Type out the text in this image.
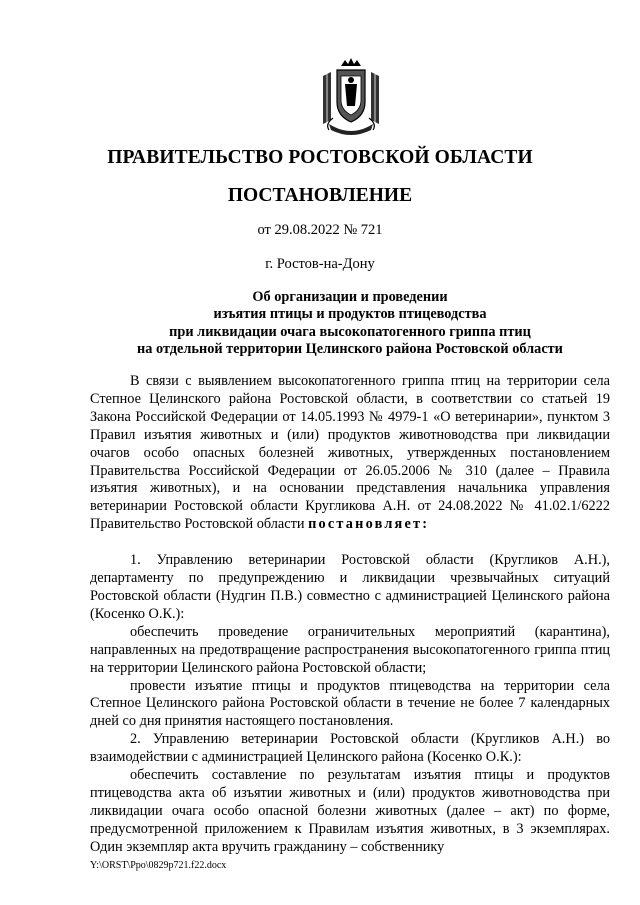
ПРАВИТЕЛЬСТВО РОСТОВСКОЙ ОБЛАСТИ
ПОСТАНОВЛЕНИЕ
от 29.08.2022 № 721
г. Ростов-на-Дону
Об организации и проведении
изъятия птицы и продуктов птицеводства
при ликвидации очага высокопатогенного гриппа птиц
на отдельной территории Целинского района Ростовской области

В связи с выявлением высокопатогенного гриппа птиц на территории села Степное Целинского района Ростовской области, в соответствии со статьей 19 Закона Российской Федерации от 14.05.1993 № 4979-1 «О ветеринарии», пунктом 3 Правил изъятия животных и (или) продуктов животноводства при ликвидации очагов особо опасных болезней животных, утвержденных постановлением Правительства Российской Федерации от 26.05.2006 № 310 (далее – Правила изъятия животных), и на основании представления начальника управления ветеринарии Ростовской области Кругликова А.Н. от 24.08.2022 № 41.02.1/6222 Правительство Ростовской области постановляет:

1. Управлению ветеринарии Ростовской области (Кругликов А.Н.), департаменту по предупреждению и ликвидации чрезвычайных ситуаций Ростовской области (Нудгин П.В.) совместно с администрацией Целинского района (Косенко О.К.):

обеспечить проведение ограничительных мероприятий (карантина), направленных на предотвращение распространения высокопатогенного гриппа птиц на территории Целинского района Ростовской области;

провести изъятие птицы и продуктов птицеводства на территории села Степное Целинского района Ростовской области в течение не более 7 календарных дней со дня принятия настоящего постановления.

2. Управлению ветеринарии Ростовской области (Кругликов А.Н.) во взаимодействии с администрацией Целинского района (Косенко О.К.):

обеспечить составление по результатам изъятия птицы и продуктов птицеводства акта об изъятии животных и (или) продуктов животноводства при ликвидации очага особо опасной болезни животных (далее – акт) по форме, предусмотренной приложением к Правилам изъятия животных, в 3 экземплярах. Один экземпляр акта вручить гражданину – собственнику

Y:\ORST\Ppo\0829p721.f22.docx
